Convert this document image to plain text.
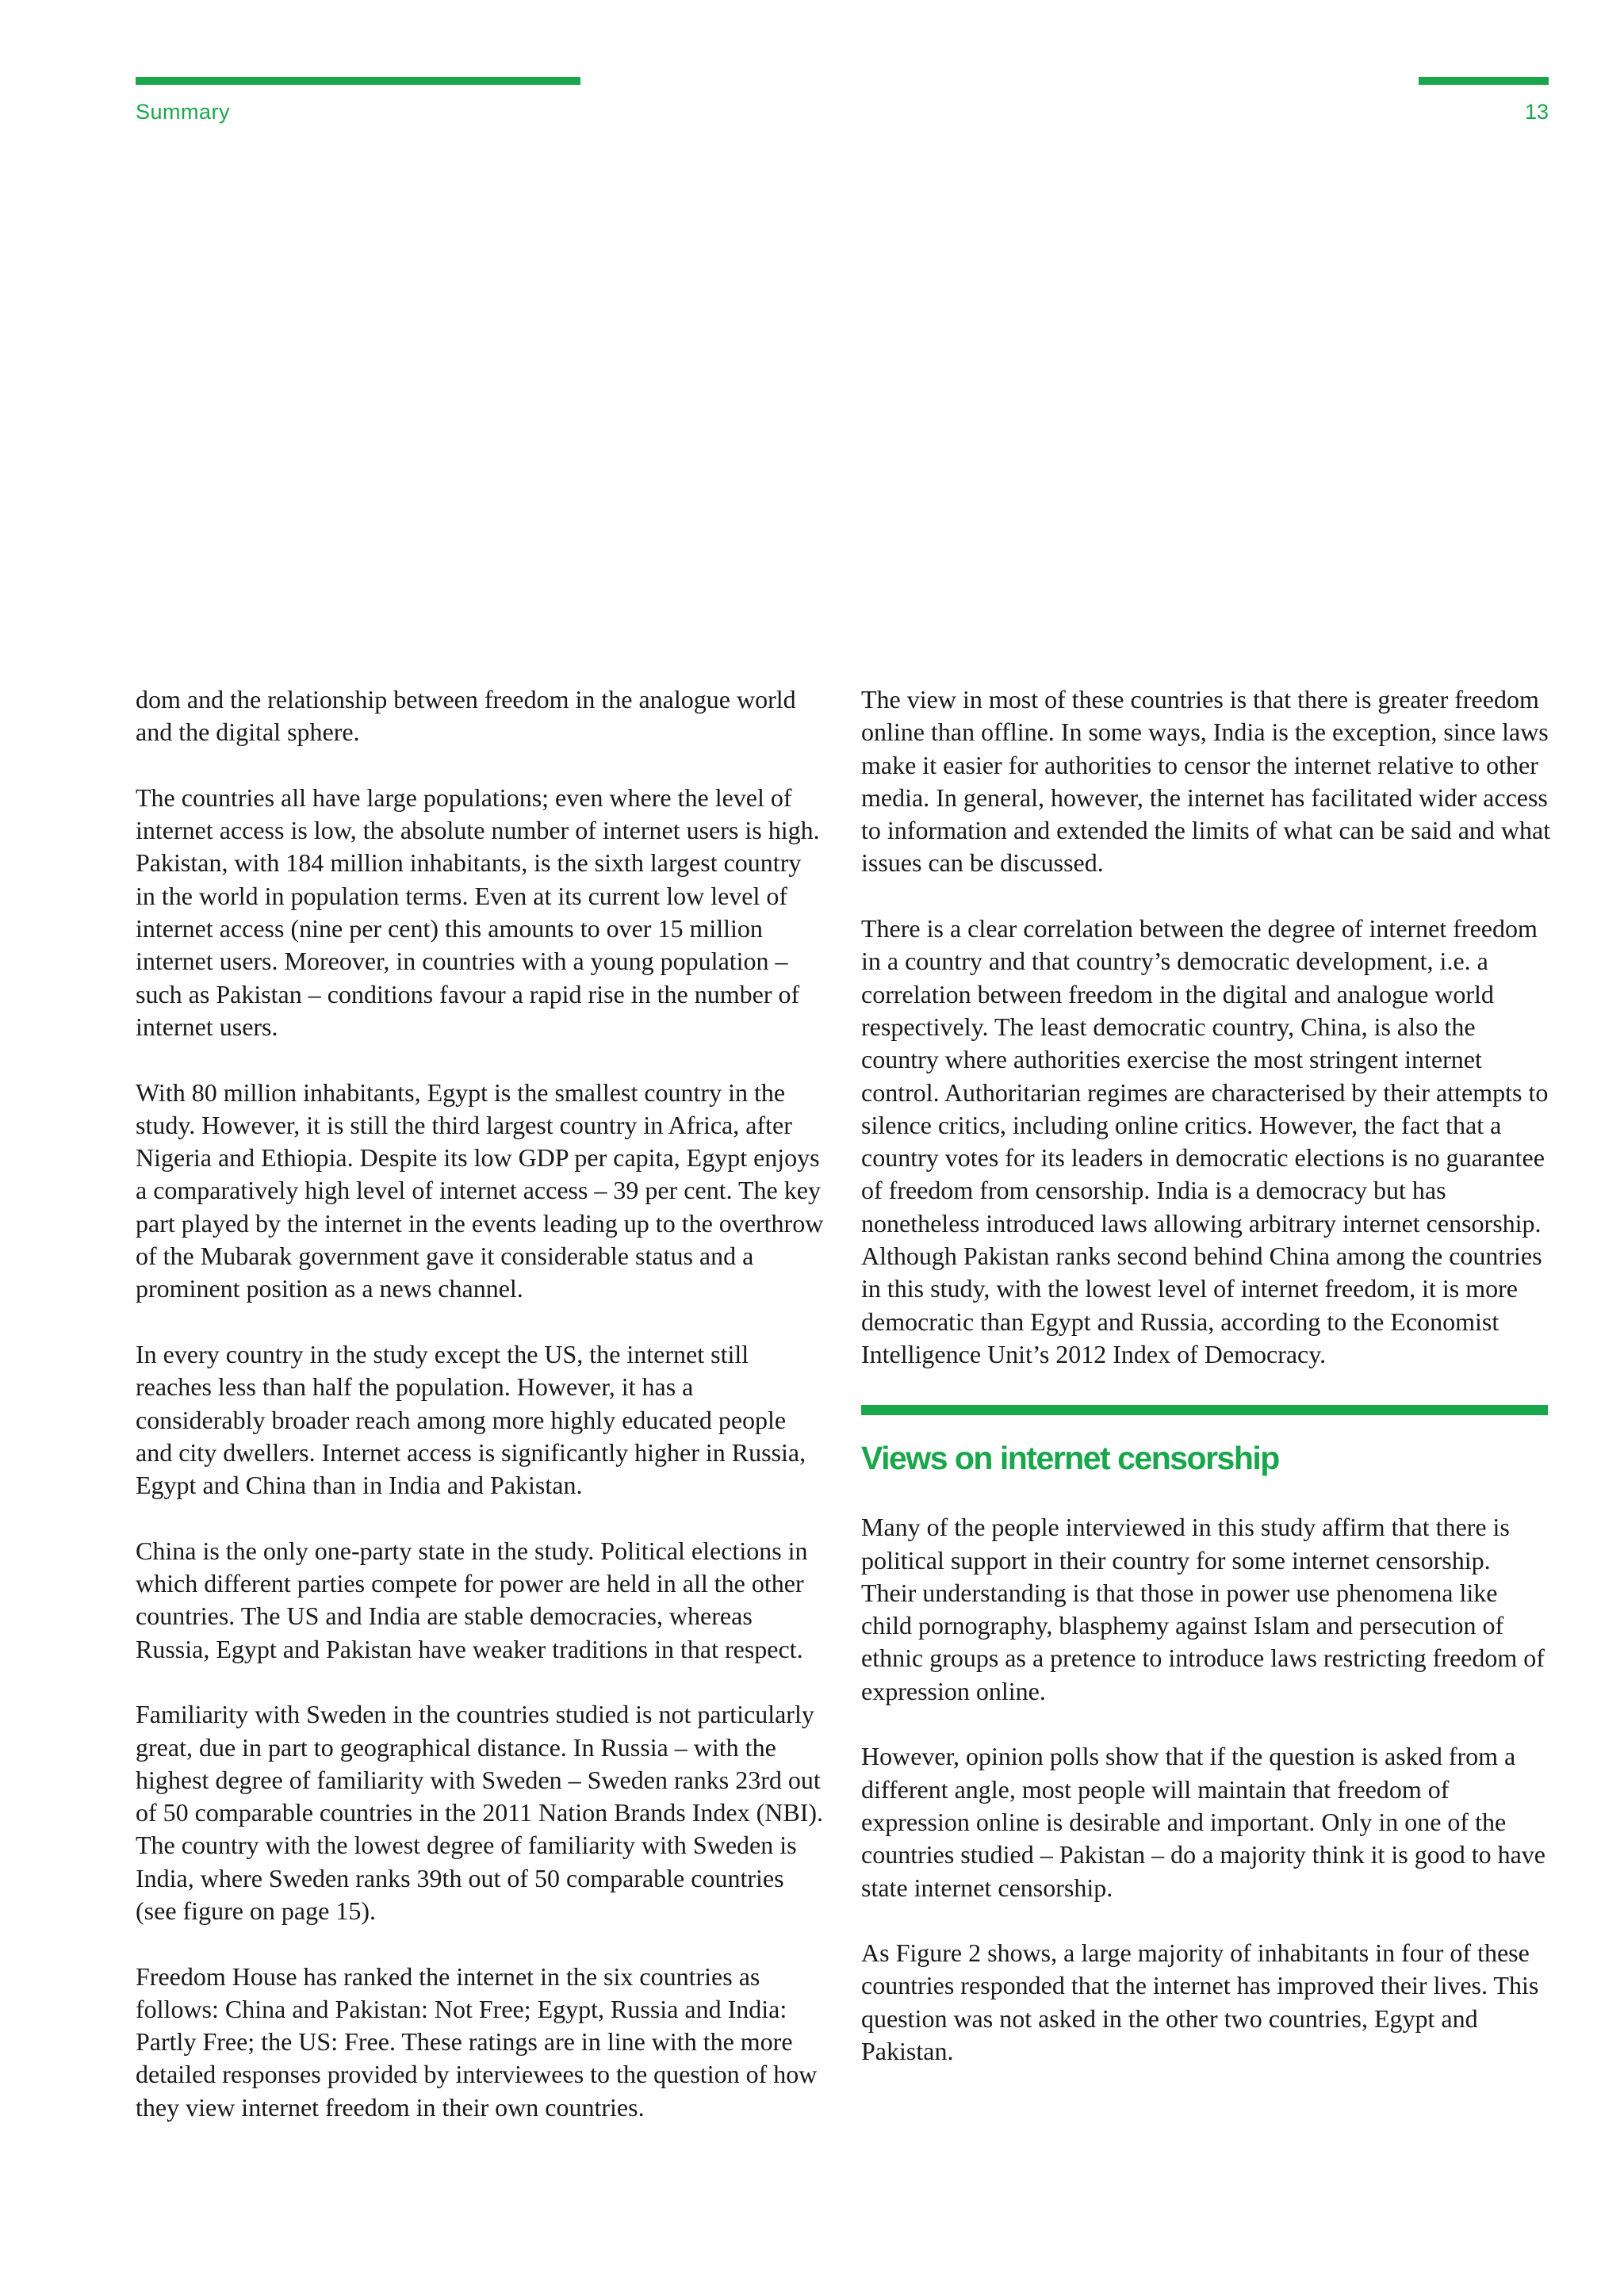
Summary	13

dom and the relationship between freedom in the analogue world and the digital sphere.

The countries all have large populations; even where the level of internet access is low, the absolute number of internet users is high. Pakistan, with 184 million inhabitants, is the sixth largest country in the world in population terms. Even at its current low level of internet access (nine per cent) this amounts to over 15 million internet users. Moreover, in countries with a young population – such as Pakistan – conditions favour a rapid rise in the number of internet users.

With 80 million inhabitants, Egypt is the smallest country in the study. However, it is still the third largest country in Africa, after Nigeria and Ethiopia. Despite its low GDP per capita, Egypt enjoys a comparatively high level of internet access – 39 per cent. The key part played by the internet in the events leading up to the overthrow of the Mubarak government gave it considerable status and a prominent position as a news channel.

In every country in the study except the US, the internet still reaches less than half the population. However, it has a considerably broader reach among more highly educated people and city dwellers. Internet access is significantly higher in Russia, Egypt and China than in India and Pakistan.

China is the only one-party state in the study. Political elections in which different parties compete for power are held in all the other countries. The US and India are stable democracies, whereas Russia, Egypt and Pakistan have weaker traditions in that respect.

Familiarity with Sweden in the countries studied is not particularly great, due in part to geographical distance. In Russia – with the highest degree of familiarity with Sweden – Sweden ranks 23rd out of 50 comparable countries in the 2011 Nation Brands Index (NBI). The country with the lowest degree of familiarity with Sweden is India, where Sweden ranks 39th out of 50 comparable countries (see figure on page 15).

Freedom House has ranked the internet in the six countries as follows: China and Pakistan: Not Free; Egypt, Russia and India: Partly Free; the US: Free. These ratings are in line with the more detailed responses provided by interviewees to the question of how they view internet freedom in their own countries.

The view in most of these countries is that there is greater freedom online than offline. In some ways, India is the exception, since laws make it easier for authorities to censor the internet relative to other media. In general, however, the internet has facilitated wider access to information and extended the limits of what can be said and what issues can be discussed.

There is a clear correlation between the degree of internet freedom in a country and that country’s democratic development, i.e. a correlation between freedom in the digital and analogue world respectively. The least democratic country, China, is also the country where authorities exercise the most stringent internet control. Authoritarian regimes are characterised by their attempts to silence critics, including online critics. However, the fact that a country votes for its leaders in democratic elections is no guarantee of freedom from censorship. India is a democracy but has nonetheless introduced laws allowing arbitrary internet censorship. Although Pakistan ranks second behind China among the countries in this study, with the lowest level of internet freedom, it is more democratic than Egypt and Russia, according to the Economist Intelligence Unit’s 2012 Index of Democracy.

Views on internet censorship

Many of the people interviewed in this study affirm that there is political support in their country for some internet censorship. Their understanding is that those in power use phenomena like child pornography, blasphemy against Islam and persecution of ethnic groups as a pretence to introduce laws restricting freedom of expression online.

However, opinion polls show that if the question is asked from a different angle, most people will maintain that freedom of expression online is desirable and important. Only in one of the countries studied – Pakistan – do a majority think it is good to have state internet censorship.

As Figure 2 shows, a large majority of inhabitants in four of these countries responded that the internet has improved their lives. This question was not asked in the other two countries, Egypt and Pakistan.
